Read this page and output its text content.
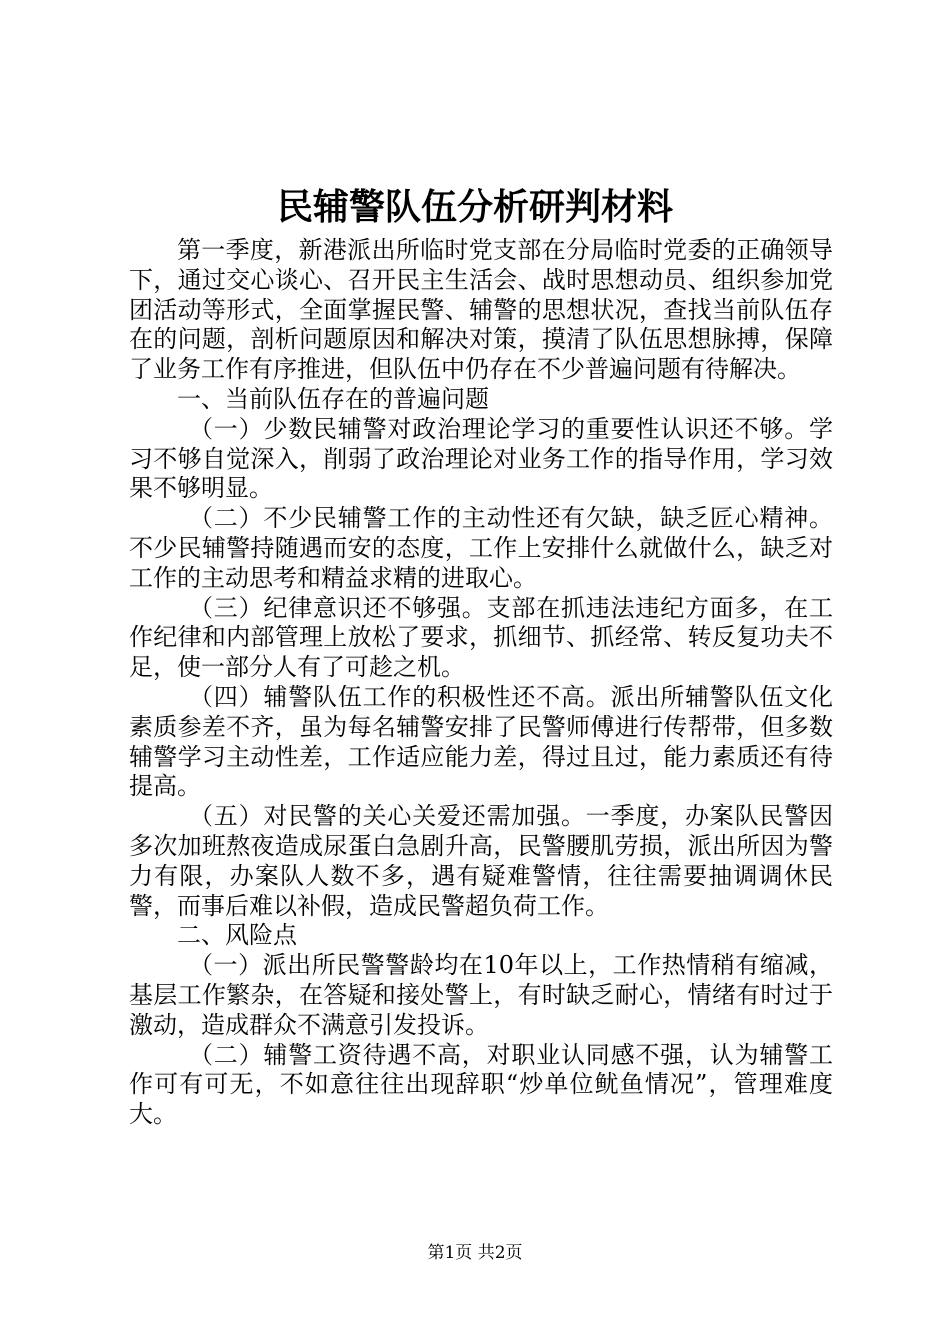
民辅警队伍分析研判材料

第一季度，新港派出所临时党支部在分局临时党委的正确领导下，通过交心谈心、召开民主生活会、战时思想动员、组织参加党团活动等形式，全面掌握民警、辅警的思想状况，查找当前队伍存在的问题，剖析问题原因和解决对策，摸清了队伍思想脉搏，保障了业务工作有序推进，但队伍中仍存在不少普遍问题有待解决。

一、当前队伍存在的普遍问题

（一）少数民辅警对政治理论学习的重要性认识还不够。学习不够自觉深入，削弱了政治理论对业务工作的指导作用，学习效果不够明显。

（二）不少民辅警工作的主动性还有欠缺，缺乏匠心精神。不少民辅警持随遇而安的态度，工作上安排什么就做什么，缺乏对工作的主动思考和精益求精的进取心。

（三）纪律意识还不够强。支部在抓违法违纪方面多，在工作纪律和内部管理上放松了要求，抓细节、抓经常、转反复功夫不足，使一部分人有了可趁之机。

（四）辅警队伍工作的积极性还不高。派出所辅警队伍文化素质参差不齐，虽为每名辅警安排了民警师傅进行传帮带，但多数辅警学习主动性差，工作适应能力差，得过且过，能力素质还有待提高。

（五）对民警的关心关爱还需加强。一季度，办案队民警因多次加班熬夜造成尿蛋白急剧升高，民警腰肌劳损，派出所因为警力有限，办案队人数不多，遇有疑难警情，往往需要抽调调休民警，而事后难以补假，造成民警超负荷工作。

二、风险点

（一）派出所民警警龄均在10年以上，工作热情稍有缩减，基层工作繁杂，在答疑和接处警上，有时缺乏耐心，情绪有时过于激动，造成群众不满意引发投诉。

（二）辅警工资待遇不高，对职业认同感不强，认为辅警工作可有可无，不如意往往出现辞职“炒单位鱿鱼情况”，管理难度大。

第1页 共2页
